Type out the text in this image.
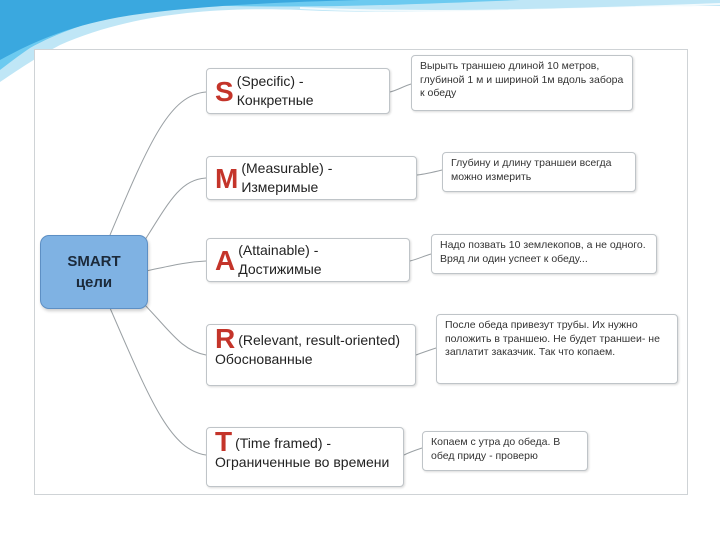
SMART
цели
S (Specific) - Конкретные
Вырыть траншею длиной 10 метров, глубиной 1 м и шириной 1м вдоль забора к обеду
M (Measurable) - Измеримые
Глубину и длину траншеи всегда можно измерить
A (Attainable) - Достижимые
Надо позвать 10 землекопов, а не одного. Вряд ли один успеет к обеду...
R (Relevant, result-oriented)
Обоснованные
После обеда привезут трубы. Их нужно положить в траншею. Не будет траншеи- не заплатит заказчик. Так что копаем.
T (Time framed) -
Ограниченные во времени
Копаем с утра до обеда. В обед приду - проверю
